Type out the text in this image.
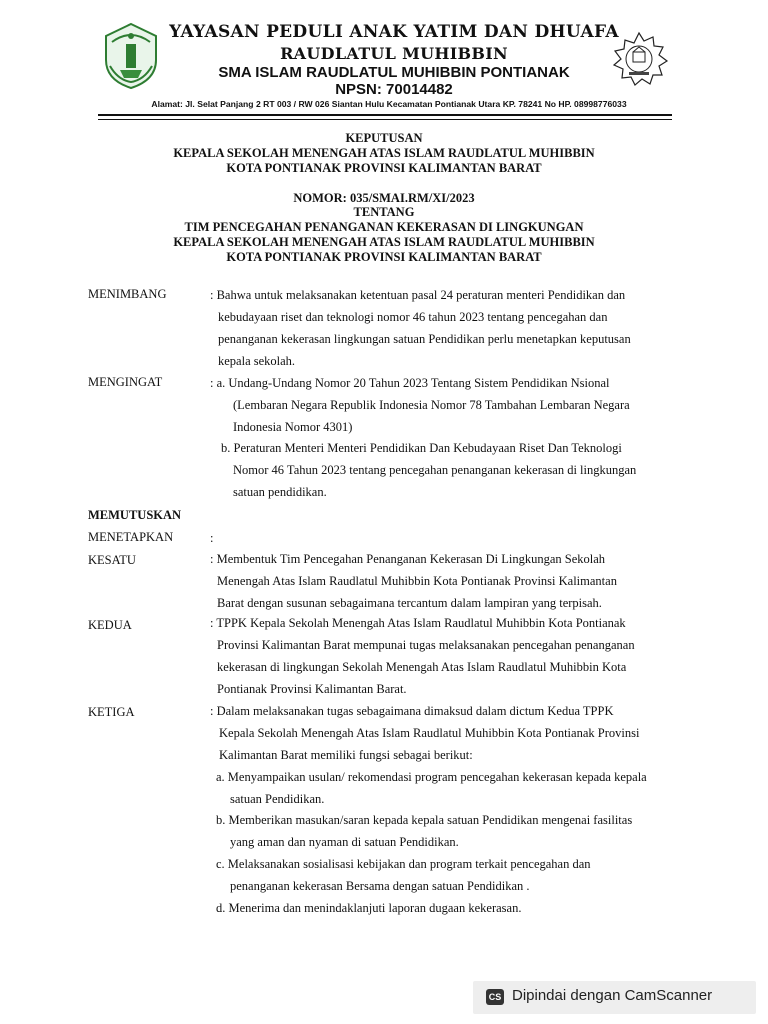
YAYASAN PEDULI ANAK YATIM DAN DHUAFA
RAUDLATUL MUHIBBIN
SMA ISLAM RAUDLATUL MUHIBBIN PONTIANAK
NPSN: 70014482
Alamat: Jl. Selat Panjang 2 RT 003 / RW 026 Siantan Hulu Kecamatan Pontianak Utara KP. 78241 No HP. 08998776033
KEPUTUSAN
KEPALA SEKOLAH MENENGAH ATAS ISLAM RAUDLATUL MUHIBBIN
KOTA PONTIANAK PROVINSI KALIMANTAN BARAT
NOMOR: 035/SMAI.RM/XI/2023
TENTANG
TIM PENCEGAHAN PENANGANAN KEKERASAN DI LINGKUNGAN
KEPALA SEKOLAH MENENGAH ATAS ISLAM RAUDLATUL MUHIBBIN
KOTA PONTIANAK PROVINSI KALIMANTAN BARAT
MENIMBANG	: Bahwa untuk melaksanakan ketentuan pasal 24 peraturan menteri Pendidikan dan
kebudayaan riset dan teknologi nomor 46 tahun 2023 tentang pencegahan dan
penanganan kekerasan lingkungan satuan Pendidikan perlu menetapkan keputusan
kepala sekolah.
MENGINGAT	: a. Undang-Undang Nomor 20 Tahun 2023 Tentang Sistem Pendidikan Nsional
(Lembaran Negara Republik Indonesia Nomor 78 Tambahan Lembaran Negara
Indonesia Nomor 4301)
b. Peraturan Menteri Menteri Pendidikan Dan Kebudayaan Riset Dan Teknologi
Nomor 46 Tahun 2023 tentang pencegahan penanganan kekerasan di lingkungan
satuan pendidikan.
MEMUTUSKAN
MENETAPKAN	:
KESATU	: Membentuk Tim Pencegahan Penanganan Kekerasan Di Lingkungan Sekolah
Menengah Atas Islam Raudlatul Muhibbin Kota Pontianak Provinsi Kalimantan
Barat dengan susunan sebagaimana tercantum dalam lampiran yang terpisah.
KEDUA	: TPPK Kepala Sekolah Menengah Atas Islam Raudlatul Muhibbin Kota Pontianak
Provinsi Kalimantan Barat mempunai tugas melaksanakan pencegahan penanganan
kekerasan di lingkungan Sekolah Menengah Atas Islam Raudlatul Muhibbin Kota
Pontianak Provinsi Kalimantan Barat.
KETIGA	: Dalam melaksanakan tugas sebagaimana dimaksud dalam dictum Kedua TPPK
Kepala Sekolah Menengah Atas Islam Raudlatul Muhibbin Kota Pontianak Provinsi
Kalimantan Barat memiliki fungsi sebagai berikut:
a. Menyampaikan usulan/ rekomendasi program pencegahan kekerasan kepada kepala
satuan Pendidikan.
b. Memberikan masukan/saran kepada kepala satuan Pendidikan mengenai fasilitas
yang aman dan nyaman di satuan Pendidikan.
c. Melaksanakan sosialisasi kebijakan dan program terkait pencegahan dan
penanganan kekerasan Bersama dengan satuan Pendidikan .
d. Menerima dan menindaklanjuti laporan dugaan kekerasan.
CS Dipindai dengan CamScanner
